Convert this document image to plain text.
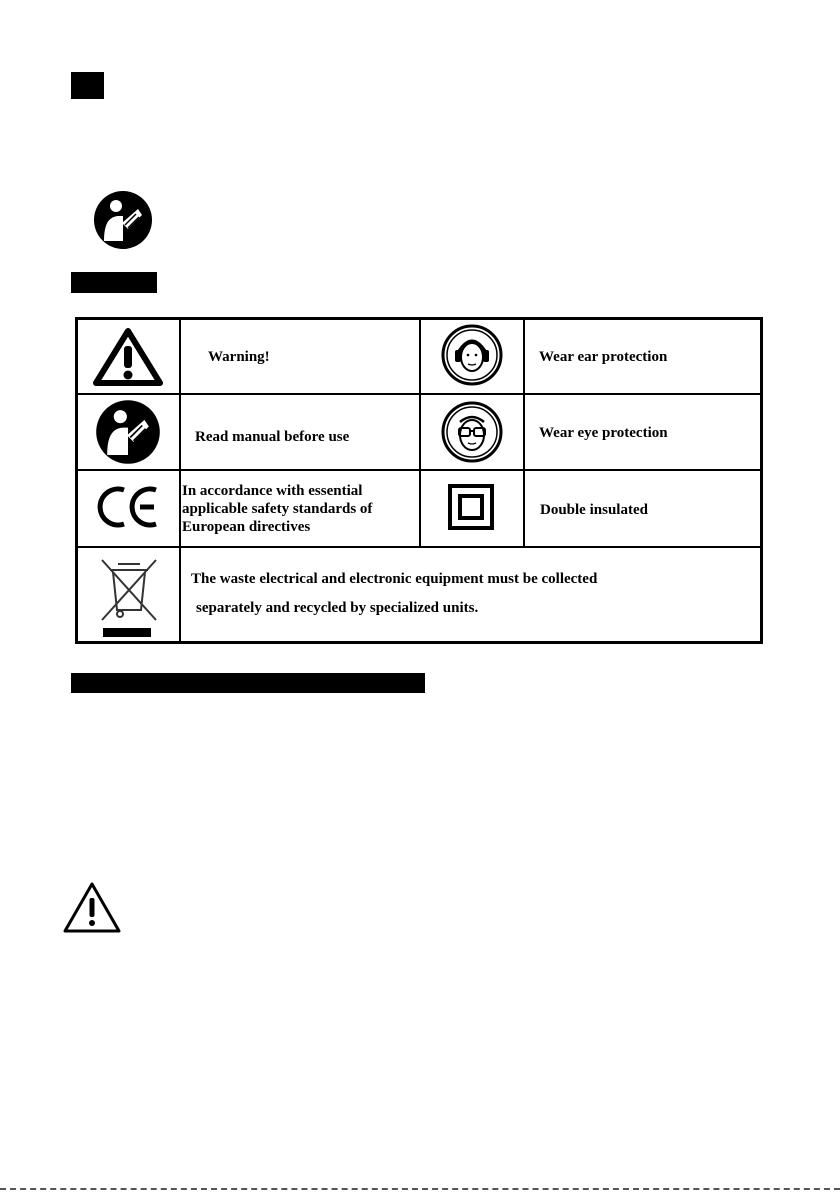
Warning!	Wear ear protection
Read manual before use	Wear eye protection
In accordance with essential
applicable safety standards of
European directives
Double insulated
The waste electrical and electronic equipment must be collected
separately and recycled by specialized units.
